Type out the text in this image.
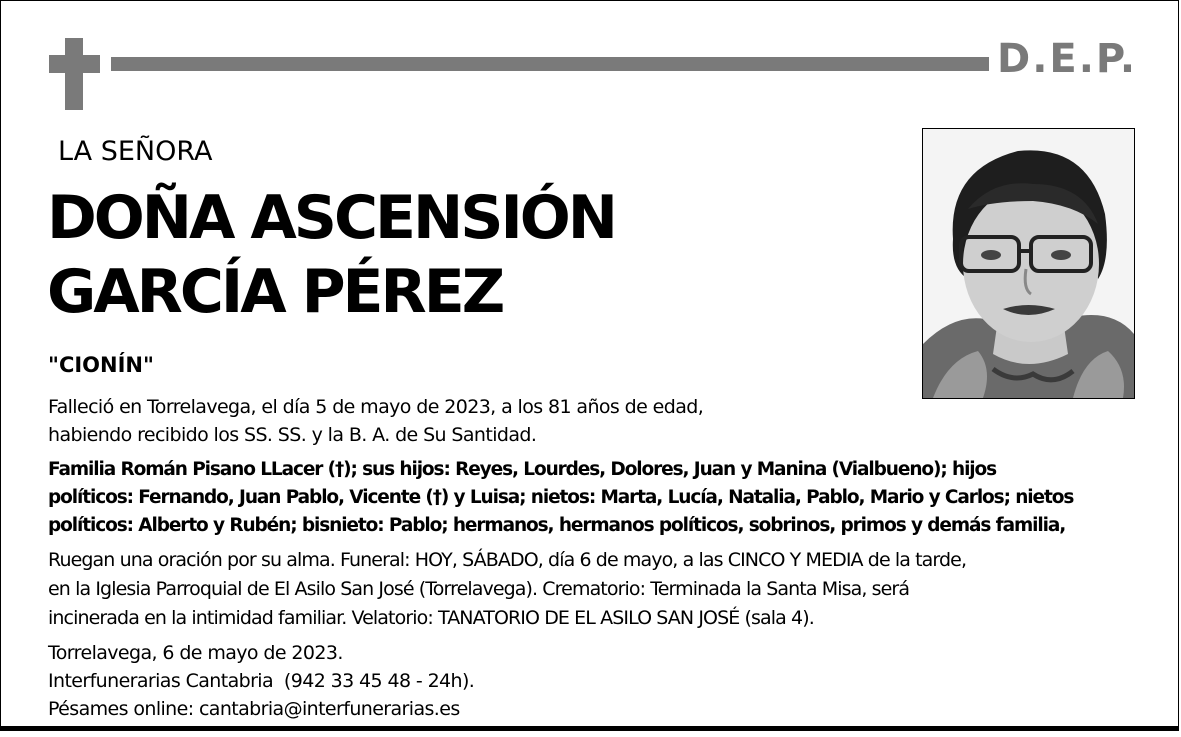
D.E.P.
LA SEÑORA
DOÑA ASCENSIÓN
GARCÍA PÉREZ
"CIONÍN"
Falleció en Torrelavega, el día 5 de mayo de 2023, a los 81 años de edad,
habiendo recibido los SS. SS. y la B. A. de Su Santidad.
Familia Román Pisano LLacer (†); sus hijos: Reyes, Lourdes, Dolores, Juan y Manina (Vialbueno); hijos
políticos: Fernando, Juan Pablo, Vicente (†) y Luisa; nietos: Marta, Lucía, Natalia, Pablo, Mario y Carlos; nietos
políticos: Alberto y Rubén; bisnieto: Pablo; hermanos, hermanos políticos, sobrinos, primos y demás familia,
Ruegan una oración por su alma. Funeral: HOY, SÁBADO, día 6 de mayo, a las CINCO Y MEDIA de la tarde,
en la Iglesia Parroquial de El Asilo San José (Torrelavega). Crematorio: Terminada la Santa Misa, será
incinerada en la intimidad familiar. Velatorio: TANATORIO DE EL ASILO SAN JOSÉ (sala 4).
Torrelavega, 6 de mayo de 2023.
Interfunerarias Cantabria  (942 33 45 48 - 24h).
Pésames online: cantabria@interfunerarias.es
